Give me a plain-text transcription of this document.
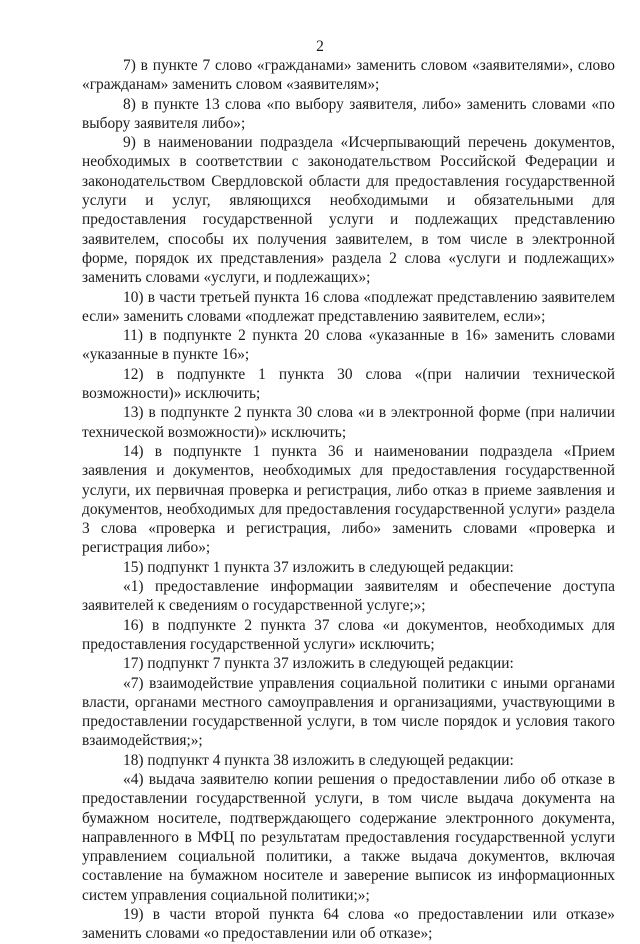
2

7) в пункте 7 слово «гражданами» заменить словом «заявителями», слово «гражданам» заменить словом «заявителям»;

8) в пункте 13 слова «по выбору заявителя, либо» заменить словами «по выбору заявителя либо»;

9) в наименовании подраздела «Исчерпывающий перечень документов, необходимых в соответствии с законодательством Российской Федерации и законодательством Свердловской области для предоставления государственной услуги и услуг, являющихся необходимыми и обязательными для предоставления государственной услуги и подлежащих представлению заявителем, способы их получения заявителем, в том числе в электронной форме, порядок их представления» раздела 2 слова «услуги и подлежащих» заменить словами «услуги, и подлежащих»;

10) в части третьей пункта 16 слова «подлежат представлению заявителем если» заменить словами «подлежат представлению заявителем, если»;

11) в подпункте 2 пункта 20 слова «указанные в 16» заменить словами «указанные в пункте 16»;

12) в подпункте 1 пункта 30 слова «(при наличии технической возможности)» исключить;

13) в подпункте 2 пункта 30 слова «и в электронной форме (при наличии технической возможности)» исключить;

14) в подпункте 1 пункта 36 и наименовании подраздела «Прием заявления и документов, необходимых для предоставления государственной услуги, их первичная проверка и регистрация, либо отказ в приеме заявления и документов, необходимых для предоставления государственной услуги» раздела 3 слова «проверка и регистрация, либо» заменить словами «проверка и регистрация либо»;

15) подпункт 1 пункта 37 изложить в следующей редакции:

«1) предоставление информации заявителям и обеспечение доступа заявителей к сведениям о государственной услуге;»;

16) в подпункте 2 пункта 37 слова «и документов, необходимых для предоставления государственной услуги» исключить;

17) подпункт 7 пункта 37 изложить в следующей редакции:

«7) взаимодействие управления социальной политики с иными органами власти, органами местного самоуправления и организациями, участвующими в предоставлении государственной услуги, в том числе порядок и условия такого взаимодействия;»;

18) подпункт 4 пункта 38 изложить в следующей редакции:

«4) выдача заявителю копии решения о предоставлении либо об отказе в предоставлении государственной услуги, в том числе выдача документа на бумажном носителе, подтверждающего содержание электронного документа, направленного в МФЦ по результатам предоставления государственной услуги управлением социальной политики, а также выдача документов, включая составление на бумажном носителе и заверение выписок из информационных систем управления социальной политики;»;

19) в части второй пункта 64 слова «о предоставлении или отказе» заменить словами «о предоставлении или об отказе»;
